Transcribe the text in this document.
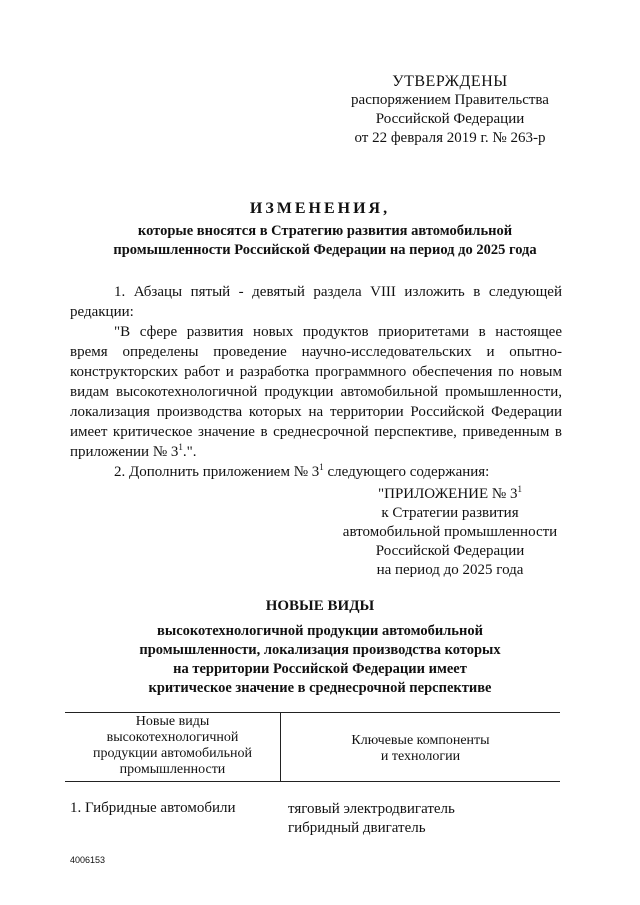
УТВЕРЖДЕНЫ
распоряжением Правительства
Российской Федерации
от 22 февраля 2019 г. № 263-р
ИЗМЕНЕНИЯ,
которые вносятся в Стратегию развития автомобильной
промышленности Российской Федерации на период до 2025 года

1. Абзацы пятый - девятый раздела VIII изложить в следующей редакции:

"В сфере развития новых продуктов приоритетами в настоящее время определены проведение научно-исследовательских и опытно-конструкторских работ и разработка программного обеспечения по новым видам высокотехнологичной продукции автомобильной промышленности, локализация производства которых на территории Российской Федерации имеет критическое значение в среднесрочной перспективе, приведенным в приложении № $3^1$.".

2. Дополнить приложением № $3^1$ следующего содержания:

"ПРИЛОЖЕНИЕ № $3^1$
к Стратегии развития
автомобильной промышленности
Российской Федерации
на период до 2025 года
НОВЫЕ ВИДЫ
высокотехнологичной продукции автомобильной
промышленности, локализация производства которых
на территории Российской Федерации имеет
критическое значение в среднесрочной перспективе
Новые виды
высокотехнологичной
продукции автомобильной
промышленности
Ключевые компоненты
и технологии
1. Гибридные автомобили	тяговый электродвигатель
гибридный двигатель
4006153
